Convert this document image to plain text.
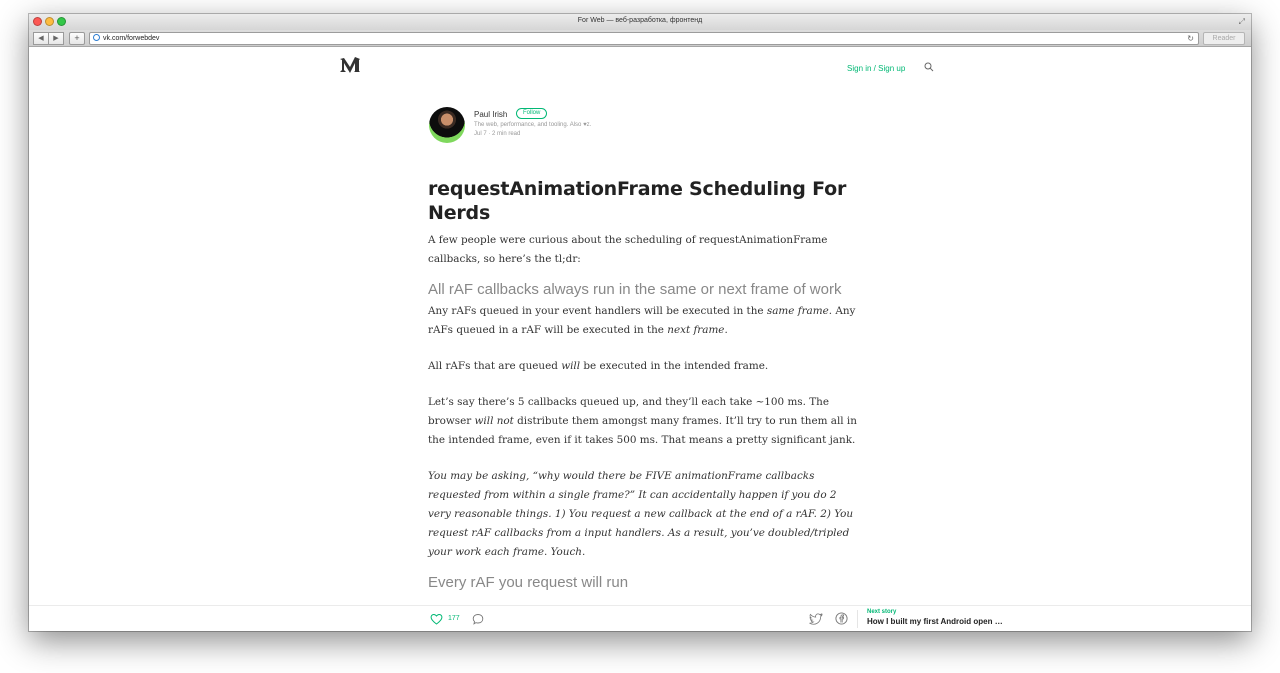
For Web — веб-разработка, фронтенд	⤢
◀	▶	+	vk.com/forwebdev	↻	Reader
Sign in / Sign up
Paul Irish	Follow
The web, performance, and tooling. Also ♥z.
Jul 7 · 2 min read
requestAnimationFrame Scheduling For Nerds

A few people were curious about the scheduling of requestAnimationFrame callbacks, so here’s the tl;dr:

All rAF callbacks always run in the same or next frame of work

Any rAFs queued in your event handlers will be executed in the same frame. Any rAFs queued in a rAF will be executed in the next frame.

All rAFs that are queued will be executed in the intended frame.

Let’s say there’s 5 callbacks queued up, and they’ll each take ~100 ms. The browser will not distribute them amongst many frames. It’ll try to run them all in the intended frame, even if it takes 500 ms. That means a pretty significant jank.

You may be asking, “why would there be FIVE animationFrame callbacks requested from within a single frame?” It can accidentally happen if you do 2 very reasonable things. 1) You request a new callback at the end of a rAF. 2) You request rAF callbacks from a input handlers. As a result, you’ve doubled/tripled your work each frame. Youch.

Every rAF you request will run

177
Next story
How I built my first Android open …
